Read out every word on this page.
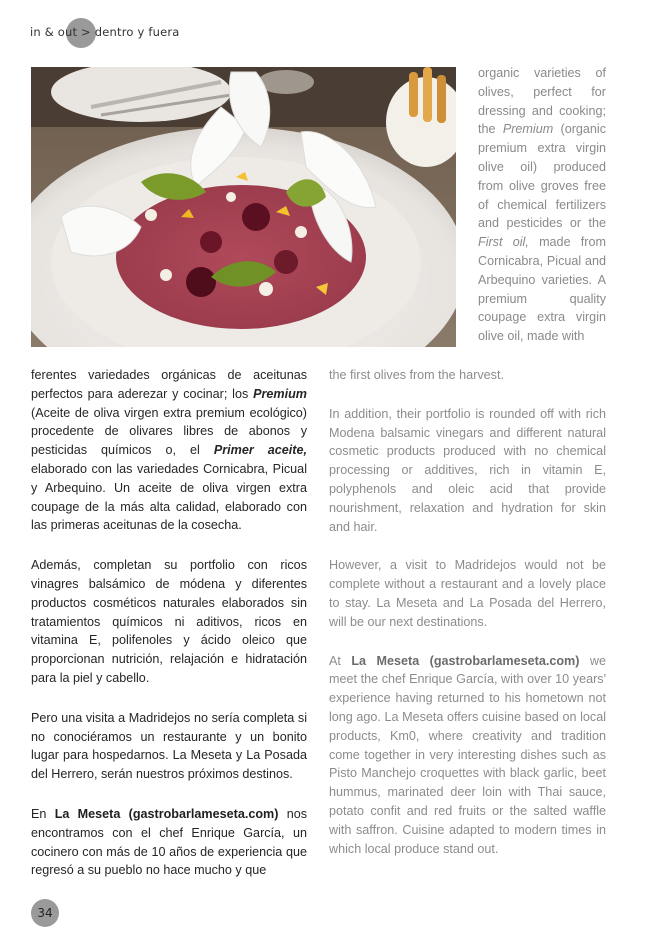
in & out > dentro y fuera
organic varieties of olives, perfect for dressing and cooking; the Premium (organic premium extra virgin olive oil) produced from olive groves free of chemical fertilizers and pesticides or the First oil, made from Cornicabra, Picual and Arbequino varieties. A premium quality coupage extra virgin olive oil, made with

ferentes variedades orgánicas de aceitunas perfectos para aderezar y cocinar; los Premium (Aceite de oliva virgen extra premium ecológico) procedente de olivares libres de abonos y pesticidas químicos o, el Primer aceite, elaborado con las variedades Cornicabra, Picual y Arbequino. Un aceite de oliva virgen extra coupage de la más alta calidad, elaborado con las primeras aceitunas de la cosecha.

Además, completan su portfolio con ricos vinagres balsámico de módena y diferentes productos cosméticos naturales elaborados sin tratamientos químicos ni aditivos, ricos en vitamina E, polifenoles y ácido oleico que proporcionan nutrición, relajación e hidratación para la piel y cabello.

Pero una visita a Madridejos no sería completa si no conociéramos un restaurante y un bonito lugar para hospedarnos. La Meseta y La Posada del Herrero, serán nuestros próximos destinos.

En La Meseta (gastrobarlameseta.com) nos encontramos con el chef Enrique García, un cocinero con más de 10 años de experiencia que regresó a su pueblo no hace mucho y que

the first olives from the harvest.

In addition, their portfolio is rounded off with rich Modena balsamic vinegars and different natural cosmetic products produced with no chemical processing or additives, rich in vitamin E, polyphenols and oleic acid that provide nourishment, relaxation and hydration for skin and hair.

However, a visit to Madridejos would not be complete without a restaurant and a lovely place to stay. La Meseta and La Posada del Herrero, will be our next destinations.

At La Meseta (gastrobarlameseta.com) we meet the chef Enrique García, with over 10 years' experience having returned to his hometown not long ago. La Meseta offers cuisine based on local products, Km0, where creativity and tradition come together in very interesting dishes such as Pisto Manchejo croquettes with black garlic, beet hummus, marinated deer loin with Thai sauce, potato confit and red fruits or the salted waffle with saffron. Cuisine adapted to modern times in which local produce stand out.

34
